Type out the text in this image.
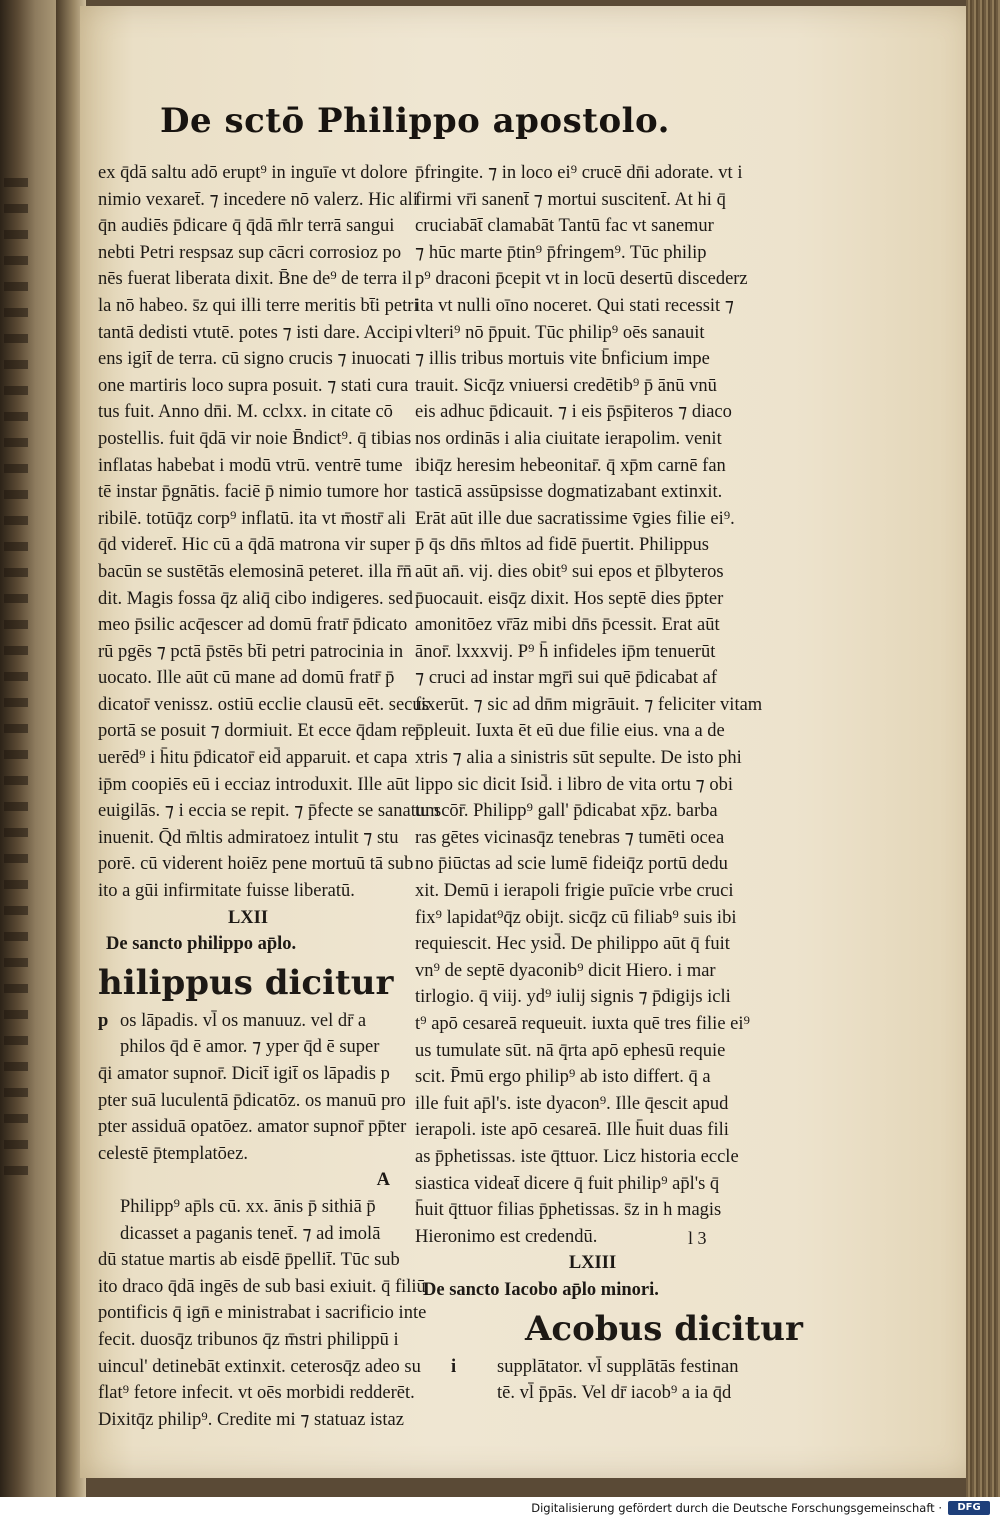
De sctō Philippo apostolo.
ex q̄dā saltu adō erupt⁹ in inguīe vt dolore
nimio vexaret̄. ⁊ incedere nō valerz. Hic ali
q̄n audiēs p̄dicare q̄ q̄dā m̄lr terrā sangui
nebti Petri respsaz sup cācri corrosioz po
nēs fuerat liberata dixit. B̄ne de⁹ de terra il
la nō habeo. s̄z qui illi terre meritis bt̄i petri
tantā dedisti vtutē. potes ⁊ isti dare. Accipi
ens igit̄ de terra. cū signo crucis ⁊ inuocati
one martiris loco supra posuit. ⁊ stati cura
tus fuit. Anno dn̄i. M. cclxx. in citate cō
postellis. fuit q̄dā vir noie B̄ndict⁹. q̄ tibias
inflatas habebat i modū vtrū. ventrē tume
tē instar p̄gnātis. faciē p̄ nimio tumore hor
ribilē. totūq̄z corp⁹ inflatū. ita vt m̄ostr̄ ali
q̄d videret̄. Hic cū a q̄dā matrona vir super
bacūn se sustētās elemosinā peteret. illa r̄n̄
dit. Magis fossa q̄z aliq̄ cibo indigeres. sed
meo p̄silic acq̄escer ad domū fratr̄ p̄dicato
rū pgēs ⁊ pctā p̄stēs bt̄i petri patrocinia in
uocato. Ille aūt cū mane ad domū fratr̄ p̄
dicator̄ venissz. ostiū ecclie clausū eēt. secus
portā se posuit ⁊ dormiuit. Et ecce q̄dam re
uerēd⁹ i h̄itu p̄dicator̄ eid̄ apparuit. et capa
ip̄m coopiēs eū i ecciaz introduxit. Ille aūt
euigilās. ⁊ i eccia se repit. ⁊ p̄fecte se sanatum
inuenit. Q̄d m̄ltis admiratoez intulit ⁊ stu
porē. cū viderent hoiēz pene mortuū tā sub
ito a gūi infirmitate fuisse liberatū.
LXII
De sancto philippo ap̄lo.
hilippus dicitur
p os lāpadis. vl̄ os manuuz. vel dr̄ a
philos q̄d ē amor. ⁊ yper q̄d ē super
q̄i amator supnor̄. Dicit̄ igit̄ os lāpadis p
pter suā luculentā p̄dicatōz. os manuū pro
pter assiduā opatōez. amator supnor̄ pp̄ter
celestē p̄templatōez.
A
Philipp⁹ ap̄ls cū. xx. ānis p̄ sithiā p̄
dicasset a paganis tenet̄. ⁊ ad imolā
dū statue martis ab eisdē p̄pellit̄. Tūc sub
ito draco q̄dā ingēs de sub basi exiuit. q̄ filiū
pontificis q̄ ign̄ e ministrabat i sacrificio inte
fecit. duosq̄z tribunos q̄z m̄stri philippū i
uincul' detinebāt extinxit. ceterosq̄z adeo su
flat⁹ fetore infecit. vt oēs morbidi redderēt.
Dixitq̄z philip⁹. Credite mi ⁊ statuaz istaz
p̄fringite. ⁊ in loco ei⁹ crucē dn̄i adorate. vt i
firmi vr̄i sanent̄ ⁊ mortui suscitent̄. At hi q̄
cruciabāt̄ clamabāt Tantū fac vt sanemur
⁊ hūc marte p̄tin⁹ p̄fringem⁹. Tūc philip
p⁹ draconi p̄cepit vt in locū desertū discederz
ita vt nulli oīno noceret. Qui stati recessit ⁊
vlteri⁹ nō p̄puit. Tūc philip⁹ oēs sanauit
⁊ illis tribus mortuis vite b̄nficium impe
trauit. Sicq̄z vniuersi credētib⁹ p̄ ānū vnū
eis adhuc p̄dicauit. ⁊ i eis p̄sp̄iteros ⁊ diaco
nos ordinās i alia ciuitate ierapolim. venit
ibiq̄z heresim hebeonitar̄. q̄ xp̄m carnē fan
tasticā assūpsisse dogmatizabant extinxit.
Erāt aūt ille due sacratissime v̄gies filie ei⁹.
p̄ q̄s dn̄s m̄ltos ad fidē p̄uertit. Philippus
aūt an̄. vij. dies obit⁹ sui epos et p̄lbyteros
p̄uocauit. eisq̄z dixit. Hos septē dies p̄pter
amonitōez vr̄āz mibi dn̄s p̄cessit. Erat aūt
ānor̄. lxxxvij. P⁹ h̄ infideles ip̄m tenuerūt
⁊ cruci ad instar mgr̄i sui quē p̄dicabat af
fixerūt. ⁊ sic ad dn̄m migrāuit. ⁊ feliciter vitam
p̄pleuit. Iuxta ēt eū due filie eius. vna a de
xtris ⁊ alia a sinistris sūt sepulte. De isto phi
lippo sic dicit Isid̄. i libro de vita ortu ⁊ obi
tu scōr̄. Philipp⁹ gall' p̄dicabat xp̄z. barba
ras gētes vicinasq̄z tenebras ⁊ tumēti ocea
no p̄iūctas ad scie lumē fideiq̄z portū dedu
xit. Demū i ierapoli frigie puīcie vrbe cruci
fix⁹ lapidat⁹q̄z obijt. sicq̄z cū filiab⁹ suis ibi
requiescit. Hec ysid̄. De philippo aūt q̄ fuit
vn⁹ de septē dyaconib⁹ dicit Hiero. i mar
tirlogio. q̄ viij. yd⁹ iulij signis ⁊ p̄digijs icli
t⁹ apō cesareā requeuit. iuxta quē tres filie ei⁹
us tumulate sūt. nā q̄rta apō ephesū requie
scit. P̄mū ergo philip⁹ ab isto differt. q̄ a
ille fuit ap̄l's. iste dyacon⁹. Ille q̄escit apud
ierapoli. iste apō cesareā. Ille h̄uit duas fili
as p̄phetissas. iste q̄ttuor. Licz historia eccle
siastica videat̄ dicere q̄ fuit philip⁹ ap̄l's q̄
h̄uit q̄ttuor filias p̄phetissas. s̄z in h magis
Hieronimo est credendū.
LXIII
De sancto Iacobo ap̄lo minori.
Acobus dicitur
i supplātator. vl̄ supplātās festinan
tē. vl̄ p̄pās. Vel dr̄ iacob⁹ a ia q̄d
l 3
Digitalisierung gefördert durch die Deutsche Forschungsgemeinschaft ·	DFG
